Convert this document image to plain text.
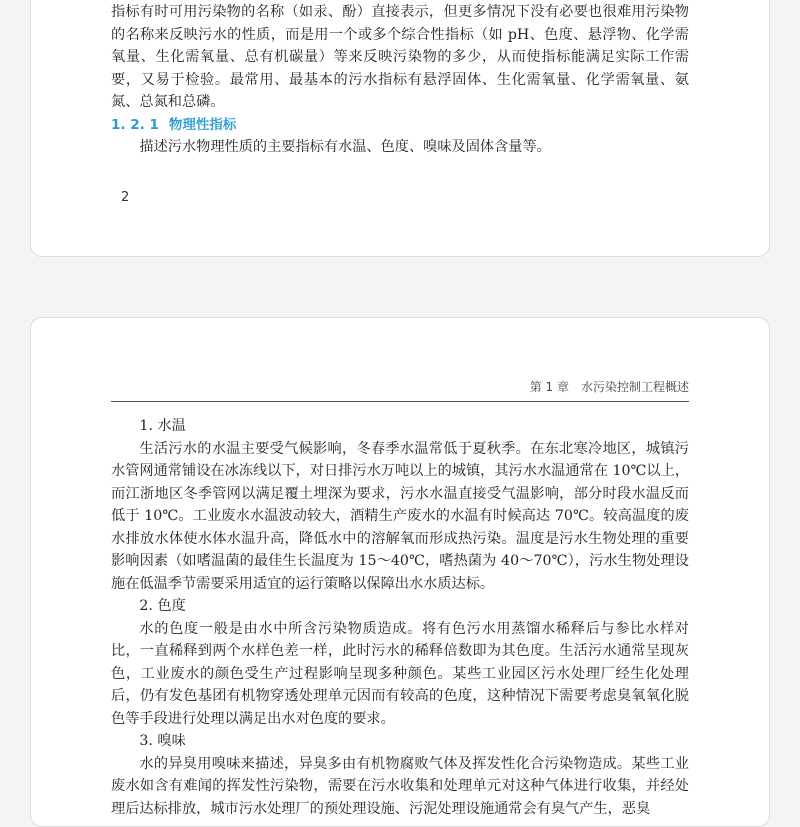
指标有时可用污染物的名称（如汞、酚）直接表示，但更多情况下没有必要也很难用污染物的名称来反映污水的性质，而是用一个或多个综合性指标（如 pH、色度、悬浮物、化学需氧量、生化需氧量、总有机碳量）等来反映污染物的多少，从而使指标能满足实际工作需要，又易于检验。最常用、最基本的污水指标有悬浮固体、生化需氧量、化学需氧量、氨氮、总氮和总磷。

1. 2. 1 物理性指标

描述污水物理性质的主要指标有水温、色度、嗅味及固体含量等。

2
第 1 章 水污染控制工程概述

1. 水温

生活污水的水温主要受气候影响，冬春季水温常低于夏秋季。在东北寒冷地区，城镇污水管网通常铺设在冰冻线以下，对日排污水万吨以上的城镇，其污水水温通常在 10℃以上，而江浙地区冬季管网以满足覆土埋深为要求，污水水温直接受气温影响，部分时段水温反而低于 10℃。工业废水水温波动较大，酒精生产废水的水温有时候高达 70℃。较高温度的废水排放水体使水体水温升高，降低水中的溶解氧而形成热污染。温度是污水生物处理的重要影响因素（如嗜温菌的最佳生长温度为 15～40℃，嗜热菌为 40～70℃），污水生物处理设施在低温季节需要采用适宜的运行策略以保障出水水质达标。

2. 色度

水的色度一般是由水中所含污染物质造成。将有色污水用蒸馏水稀释后与参比水样对比，一直稀释到两个水样色差一样，此时污水的稀释倍数即为其色度。生活污水通常呈现灰色，工业废水的颜色受生产过程影响呈现多种颜色。某些工业园区污水处理厂经生化处理后，仍有发色基团有机物穿透处理单元因而有较高的色度，这种情况下需要考虑臭氧氧化脱色等手段进行处理以满足出水对色度的要求。

3. 嗅味

水的异臭用嗅味来描述，异臭多由有机物腐败气体及挥发性化合污染物造成。某些工业废水如含有难闻的挥发性污染物，需要在污水收集和处理单元对这种气体进行收集，并经处理后达标排放，城市污水处理厂的预处理设施、污泥处理设施通常会有臭气产生，恶臭
